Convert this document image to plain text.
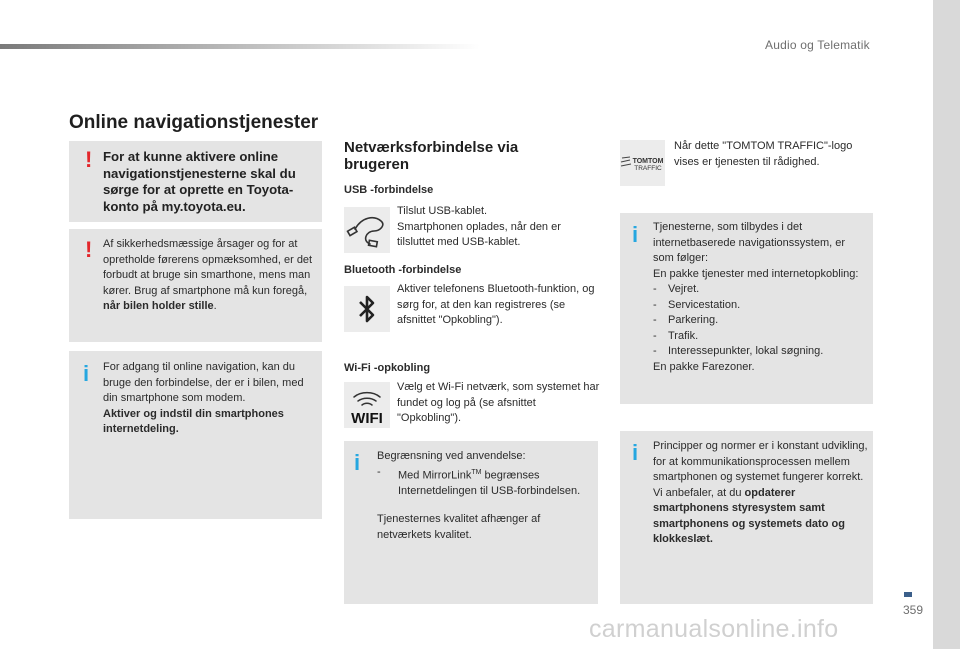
Audio og Telematik
Online navigationstjenester
! For at kunne aktivere online navigationstjenesterne skal du sørge for at oprette en Toyota-konto på my.toyota.eu.
! Af sikkerhedsmæssige årsager og for at opretholde førerens opmæksomhed, er det forbudt at bruge sin smarthone, mens man kører. Brug af smartphone må kun foregå, når bilen holder stille.
i For adgang til online navigation, kan du bruge den forbindelse, der er i bilen, med din smartphone som modem.
Aktiver og indstil din smartphones internetdeling.
Netværksforbindelse via brugeren
USB -forbindelse
Tilslut USB-kablet.
Smartphonen oplades, når den er tilsluttet med USB-kablet.
Bluetooth -forbindelse
Aktiver telefonens Bluetooth-funktion, og sørg for, at den kan registreres (se afsnittet "Opkobling").
Wi-Fi -opkobling
WIFI
Vælg et Wi-Fi netværk, som systemet har fundet og log på (se afsnittet "Opkobling").
i Begrænsning ved anvendelse:
-	Med MirrorLink™ begrænses Internetdelingen til USB-forbindelsen.
Tjenesternes kvalitet afhænger af netværkets kvalitet.
TOMTOM
TRAFFIC
Når dette "TOMTOM TRAFFIC"-logo vises er tjenesten til rådighed.
i Tjenesterne, som tilbydes i det internetbaserede navigationssystem, er som følger:
En pakke tjenester med internetopkobling:
-	Vejret.
-	Servicestation.
-	Parkering.
-	Trafik.
-	Interessepunkter, lokal søgning.
En pakke Farezoner.
i Principper og normer er i konstant udvikling, for at kommunikationsprocessen mellem smartphonen og systemet fungerer korrekt. Vi anbefaler, at du opdaterer smartphonens styresystem samt smartphonens og systemets dato og klokkeslæt.
359
carmanualsonline.info
